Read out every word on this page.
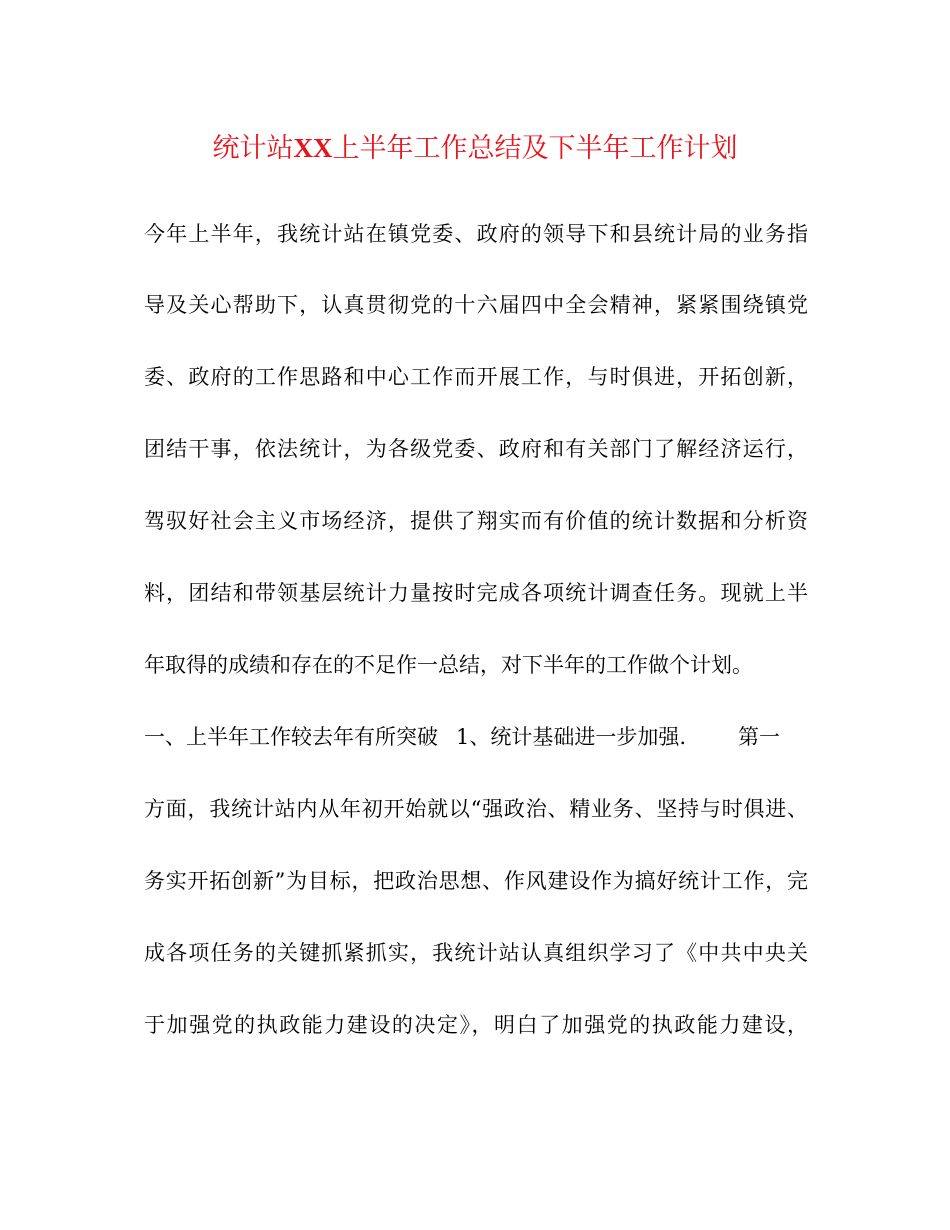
统计站XX上半年工作总结及下半年工作计划
今年上半年，我统计站在镇党委、政府的领导下和县统计局的业务指
导及关心帮助下，认真贯彻党的十六届四中全会精神，紧紧围绕镇党
委、政府的工作思路和中心工作而开展工作，与时俱进，开拓创新，
团结干事，依法统计，为各级党委、政府和有关部门了解经济运行，
驾驭好社会主义市场经济，提供了翔实而有价值的统计数据和分析资
料，团结和带领基层统计力量按时完成各项统计调查任务。现就上半
年取得的成绩和存在的不足作一总结，对下半年的工作做个计划。
一、上半年工作较去年有所突破 1、统计基础进一步加强. 第一
方面，我统计站内从年初开始就以“强政治、精业务、坚持与时俱进、
务实开拓创新”为目标，把政治思想、作风建设作为搞好统计工作，完
成各项任务的关键抓紧抓实，我统计站认真组织学习了《中共中央关
于加强党的执政能力建设的决定》，明白了加强党的执政能力建设，
